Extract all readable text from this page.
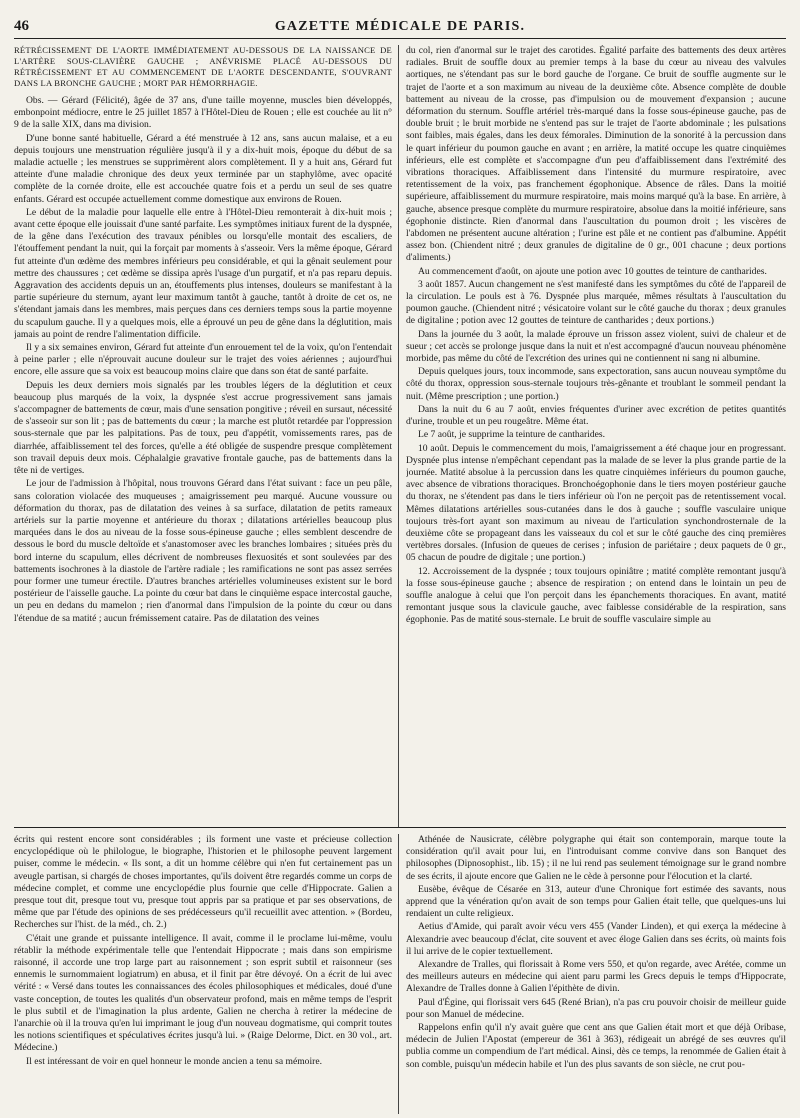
46	GAZETTE MÉDICALE DE PARIS.

RÉTRÉCISSEMENT DE L'AORTE IMMÉDIATEMENT AU-DESSOUS DE LA NAISSANCE DE L'ARTÈRE SOUS-CLAVIÈRE GAUCHE ; ANÉVRISME PLACÉ AU-DESSOUS DU RÉTRÉCISSEMENT ET AU COMMENCEMENT DE L'AORTE DESCENDANTE, S'OUVRANT DANS LA BRONCHE GAUCHE ; MORT PAR HÉMORRHAGIE.

Obs. — Gérard (Félicité), âgée de 37 ans, d'une taille moyenne, muscles bien développés, embonpoint médiocre, entre le 25 juillet 1857 à l'Hôtel-Dieu de Rouen ; elle est couchée au lit n° 9 de la salle XIX, dans ma division.

D'une bonne santé habituelle, Gérard a été menstruée à 12 ans, sans aucun malaise, et a eu depuis toujours une menstruation régulière jusqu'à il y a dix-huit mois, époque du début de sa maladie actuelle ; les menstrues se supprimèrent alors complètement. Il y a huit ans, Gérard fut atteinte d'une maladie chronique des deux yeux terminée par un staphylôme, avec opacité complète de la cornée droite, elle est accouchée quatre fois et a perdu un seul de ses quatre enfants. Gérard est occupée actuellement comme domestique aux environs de Rouen.

Le début de la maladie pour laquelle elle entre à l'Hôtel-Dieu remonterait à dix-huit mois ; avant cette époque elle jouissait d'une santé parfaite. Les symptômes initiaux furent de la dyspnée, de la gêne dans l'exécution des travaux pénibles ou lorsqu'elle montait des escaliers, de l'étouffement pendant la nuit, qui la forçait par moments à s'asseoir. Vers la même époque, Gérard fut atteinte d'un œdème des membres inférieurs peu considérable, et qui la gênait seulement pour mettre des chaussures ; cet œdème se dissipa après l'usage d'un purgatif, et n'a pas reparu depuis. Aggravation des accidents depuis un an, étouffements plus intenses, douleurs se manifestant à la partie supérieure du sternum, ayant leur maximum tantôt à gauche, tantôt à droite de cet os, ne s'étendant jamais dans les membres, mais perçues dans ces derniers temps sous la partie moyenne du scapulum gauche. Il y a quelques mois, elle a éprouvé un peu de gêne dans la déglutition, mais jamais au point de rendre l'alimentation difficile.

Il y a six semaines environ, Gérard fut atteinte d'un enrouement tel de la voix, qu'on l'entendait à peine parler ; elle n'éprouvait aucune douleur sur le trajet des voies aériennes ; aujourd'hui encore, elle assure que sa voix est beaucoup moins claire que dans son état de santé parfaite.

Depuis les deux derniers mois signalés par les troubles légers de la déglutition et ceux beaucoup plus marqués de la voix, la dyspnée s'est accrue progressivement sans jamais s'accompagner de battements de cœur, mais d'une sensation pongitive ; réveil en sursaut, nécessité de s'asseoir sur son lit ; pas de battements du cœur ; la marche est plutôt retardée par l'oppression sous-sternale que par les palpitations. Pas de toux, peu d'appétit, vomissements rares, pas de diarrhée, affaiblissement tel des forces, qu'elle a été obligée de suspendre presque complètement son travail depuis deux mois. Céphalalgie gravative frontale gauche, pas de battements dans la tête ni de vertiges.

Le jour de l'admission à l'hôpital, nous trouvons Gérard dans l'état suivant : face un peu pâle, sans coloration violacée des muqueuses ; amaigrissement peu marqué. Aucune voussure ou déformation du thorax, pas de dilatation des veines à sa surface, dilatation de petits rameaux artériels sur la partie moyenne et antérieure du thorax ; dilatations artérielles beaucoup plus marquées dans le dos au niveau de la fosse sous-épineuse gauche ; elles semblent descendre de dessous le bord du muscle deltoïde et s'anastomoser avec les branches lombaires ; situées près du bord interne du scapulum, elles décrivent de nombreuses flexuosités et sont soulevées par des battements isochrones à la diastole de l'artère radiale ; les ramifications ne sont pas assez serrées pour former une tumeur érectile. D'autres branches artérielles volumineuses existent sur le bord postérieur de l'aisselle gauche. La pointe du cœur bat dans le cinquième espace intercostal gauche, un peu en dedans du mamelon ; rien d'anormal dans l'impulsion de la pointe du cœur ou dans l'étendue de sa matité ; aucun frémissement cataire. Pas de dilatation des veines

du col, rien d'anormal sur le trajet des carotides. Égalité parfaite des battements des deux artères radiales. Bruit de souffle doux au premier temps à la base du cœur au niveau des valvules aortiques, ne s'étendant pas sur le bord gauche de l'organe. Ce bruit de souffle augmente sur le trajet de l'aorte et a son maximum au niveau de la deuxième côte. Absence complète de double battement au niveau de la crosse, pas d'impulsion ou de mouvement d'expansion ; aucune déformation du sternum. Souffle artériel très-marqué dans la fosse sous-épineuse gauche, pas de double bruit ; le bruit morbide ne s'entend pas sur le trajet de l'aorte abdominale ; les pulsations sont faibles, mais égales, dans les deux fémorales. Diminution de la sonorité à la percussion dans le quart inférieur du poumon gauche en avant ; en arrière, la matité occupe les quatre cinquièmes inférieurs, elle est complète et s'accompagne d'un peu d'affaiblissement dans l'extrémité des vibrations thoraciques. Affaiblissement dans l'intensité du murmure respiratoire, avec retentissement de la voix, pas franchement égophonique. Absence de râles. Dans la moitié supérieure, affaiblissement du murmure respiratoire, mais moins marqué qu'à la base. En arrière, à gauche, absence presque complète du murmure respiratoire, absolue dans la moitié inférieure, sans égophonie distincte. Rien d'anormal dans l'auscultation du poumon droit ; les viscères de l'abdomen ne présentent aucune altération ; l'urine est pâle et ne contient pas d'albumine. Appétit assez bon. (Chiendent nitré ; deux granules de digitaline de 0 gr., 001 chacune ; deux portions d'aliments.)

Au commencement d'août, on ajoute une potion avec 10 gouttes de teinture de cantharides.

3 août 1857. Aucun changement ne s'est manifesté dans les symptômes du côté de l'appareil de la circulation. Le pouls est à 76. Dyspnée plus marquée, mêmes résultats à l'auscultation du poumon gauche. (Chiendent nitré ; vésicatoire volant sur le côté gauche du thorax ; deux granules de digitaline ; potion avec 12 gouttes de teinture de cantharides ; deux portions.)

Dans la journée du 3 août, la malade éprouve un frisson assez violent, suivi de chaleur et de sueur ; cet accès se prolonge jusque dans la nuit et n'est accompagné d'aucun nouveau phénomène morbide, pas même du côté de l'excrétion des urines qui ne contiennent ni sang ni albumine.

Depuis quelques jours, toux incommode, sans expectoration, sans aucun nouveau symptôme du côté du thorax, oppression sous-sternale toujours très-gênante et troublant le sommeil pendant la nuit. (Même prescription ; une portion.)

Dans la nuit du 6 au 7 août, envies fréquentes d'uriner avec excrétion de petites quantités d'urine, trouble et un peu rougeâtre. Même état.

Le 7 août, je supprime la teinture de cantharides.

10 août. Depuis le commencement du mois, l'amaigrissement a été chaque jour en progressant. Dyspnée plus intense n'empêchant cependant pas la malade de se lever la plus grande partie de la journée. Matité absolue à la percussion dans les quatre cinquièmes inférieurs du poumon gauche, avec absence de vibrations thoraciques. Bronchoégophonie dans le tiers moyen postérieur gauche du thorax, ne s'étendent pas dans le tiers inférieur où l'on ne perçoit pas de retentissement vocal. Mêmes dilatations artérielles sous-cutanées dans le dos à gauche ; souffle vasculaire unique toujours très-fort ayant son maximum au niveau de l'articulation synchondrosternale de la deuxième côte se propageant dans les vaisseaux du col et sur le côté gauche des cinq premières vertèbres dorsales. (Infusion de queues de cerises ; infusion de pariétaire ; deux paquets de 0 gr., 05 chacun de poudre de digitale ; une portion.)

12. Accroissement de la dyspnée ; toux toujours opiniâtre ; matité complète remontant jusqu'à la fosse sous-épineuse gauche ; absence de respiration ; on entend dans le lointain un peu de souffle analogue à celui que l'on perçoit dans les épanchements thoraciques. En avant, matité remontant jusque sous la clavicule gauche, avec faiblesse considérable de la respiration, sans égophonie. Pas de matité sous-sternale. Le bruit de souffle vasculaire simple au

écrits qui restent encore sont considérables ; ils forment une vaste et précieuse collection encyclopédique où le philologue, le biographe, l'historien et le philosophe peuvent largement puiser, comme le médecin. « Ils sont, a dit un homme célèbre qui n'en fut certainement pas un aveugle partisan, si chargés de choses importantes, qu'ils doivent être regardés comme un corps de médecine complet, et comme une encyclopédie plus fournie que celle d'Hippocrate. Galien a presque tout dit, presque tout vu, presque tout appris par sa pratique et par ses observations, de même que par l'étude des opinions de ses prédécesseurs qu'il recueillit avec attention. » (Bordeu, Recherches sur l'hist. de la méd., ch. 2.)

C'était une grande et puissante intelligence. Il avait, comme il le proclame lui-même, voulu rétablir la méthode expérimentale telle que l'entendait Hippocrate ; mais dans son empirisme raisonné, il accorde une trop large part au raisonnement ; son esprit subtil et raisonneur (ses ennemis le surnommaient logiatrum) en abusa, et il finit par être dévoyé. On a écrit de lui avec vérité : « Versé dans toutes les connaissances des écoles philosophiques et médicales, doué d'une vaste conception, de toutes les qualités d'un observateur profond, mais en même temps de l'esprit le plus subtil et de l'imagination la plus ardente, Galien ne chercha à retirer la médecine de l'anarchie où il la trouva qu'en lui imprimant le joug d'un nouveau dogmatisme, qui comprit toutes les notions scientifiques et spéculatives écrites jusqu'à lui. » (Raige Delorme, Dict. en 30 vol., art. Médecine.)

Il est intéressant de voir en quel honneur le monde ancien a tenu sa mémoire.

Athénée de Nausicrate, célèbre polygraphe qui était son contemporain, marque toute la considération qu'il avait pour lui, en l'introduisant comme convive dans son Banquet des philosophes (Dipnosophist., lib. 15) ; il ne lui rend pas seulement témoignage sur le grand nombre de ses écrits, il ajoute encore que Galien ne le cède à personne pour l'élocution et la clarté.

Eusèbe, évêque de Césarée en 313, auteur d'une Chronique fort estimée des savants, nous apprend que la vénération qu'on avait de son temps pour Galien était telle, que quelques-uns lui rendaient un culte religieux.

Aetius d'Amide, qui paraît avoir vécu vers 455 (Vander Linden), et qui exerça la médecine à Alexandrie avec beaucoup d'éclat, cite souvent et avec éloge Galien dans ses écrits, où maints fois il lui arrive de le copier textuellement.

Alexandre de Tralles, qui florissait à Rome vers 550, et qu'on regarde, avec Arétée, comme un des meilleurs auteurs en médecine qui aient paru parmi les Grecs depuis le temps d'Hippocrate, Alexandre de Tralles donne à Galien l'épithète de divin.

Paul d'Égine, qui florissait vers 645 (René Brian), n'a pas cru pouvoir choisir de meilleur guide pour son Manuel de médecine.

Rappelons enfin qu'il n'y avait guère que cent ans que Galien était mort et que déjà Oribase, médecin de Julien l'Apostat (empereur de 361 à 363), rédigeait un abrégé de ses œuvres qu'il publia comme un compendium de l'art médical. Ainsi, dès ce temps, la renommée de Galien était à son comble, puisqu'un médecin habile et l'un des plus savants de son siècle, ne crut pou-
